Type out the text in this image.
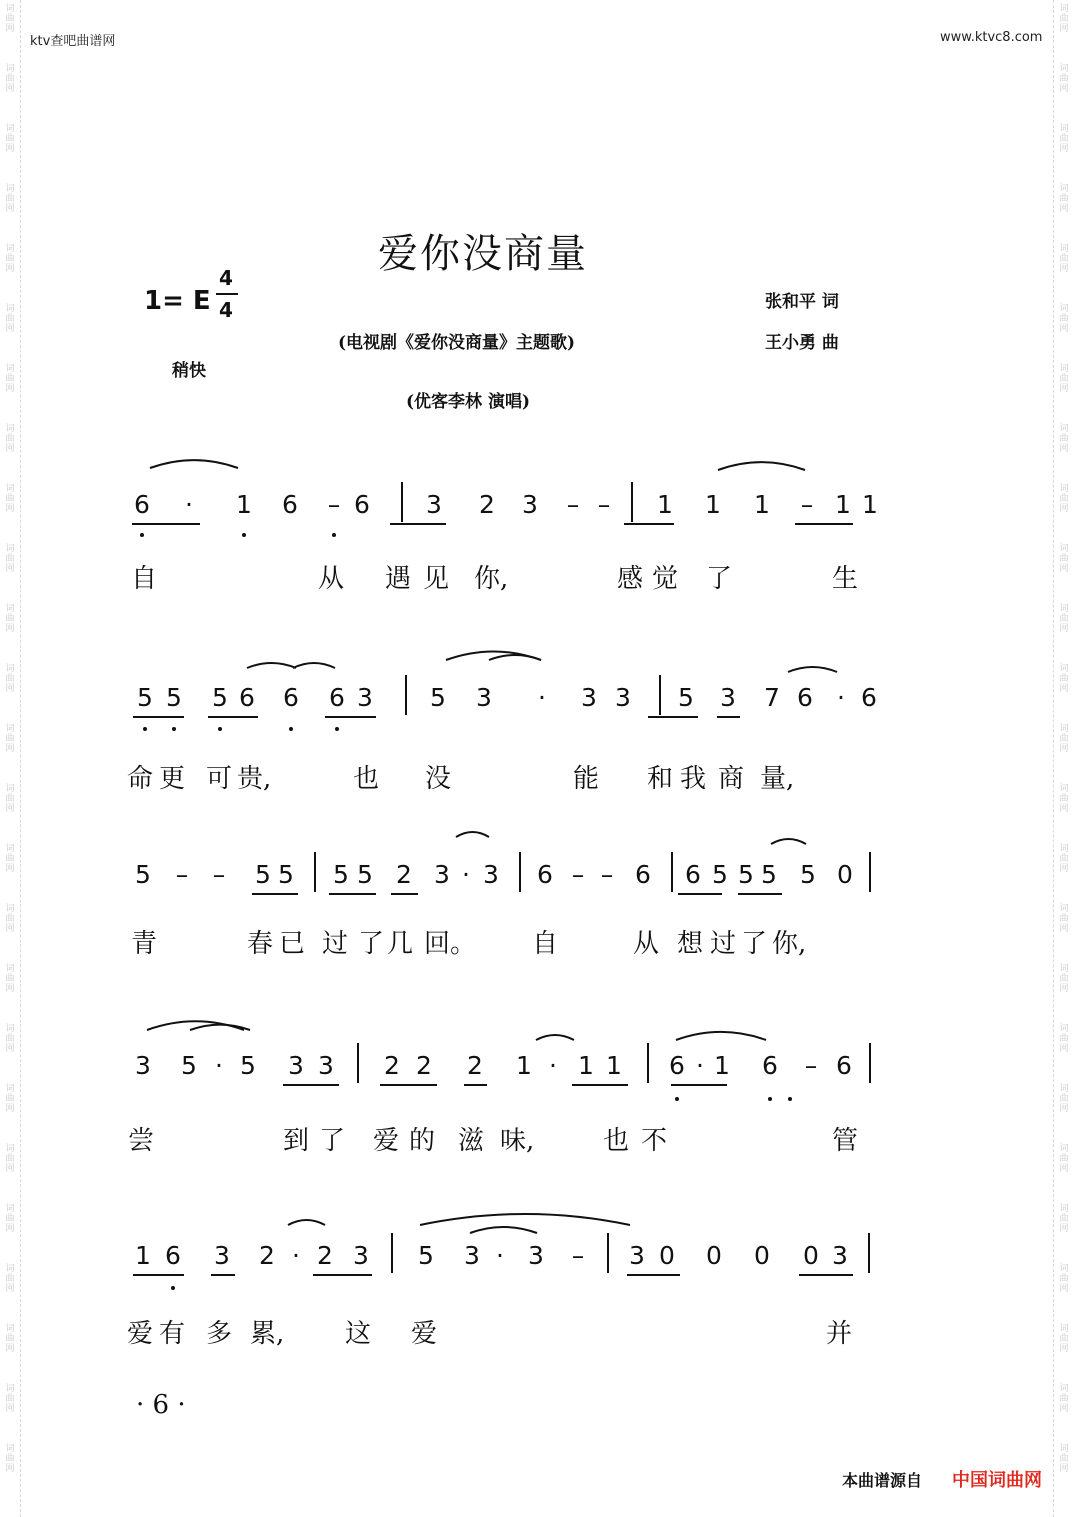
词
曲
网
词
曲
网
词
曲
网
词
曲
网
词
曲
网
词
曲
网
词
曲
网
词
曲
网
词
曲
网
词
曲
网
词
曲
网
词
曲
网
词
曲
网
词
曲
网
词
曲
网
词
曲
网
词
曲
网
词
曲
网
词
曲
网
词
曲
网
词
曲
网
词
曲
网
词
曲
网
词
曲
网
词
曲
网
词
曲
网
词
曲
网
词
曲
网
词
曲
网
词
曲
网
词
曲
网
词
曲
网
词
曲
网
词
曲
网
词
曲
网
词
曲
网
词
曲
网
词
曲
网
词
曲
网
词
曲
网
词
曲
网
词
曲
网
词
曲
网
词
曲
网
词
曲
网
词
曲
网
词
曲
网
词
曲
网
词
曲
网
词
曲
网
ktv查吧曲谱网	www.ktvc8.com
爱你没商量
1= E
4
4	张和平 词
(电视剧《爱你没商量》主题歌)	王小勇 曲
稍快
(优客李林 演唱)
6 · 1 6 – 6 3 2 3 – – 1 1 1 – 1 1
自	从 遇 见 你,	感 觉 了	生
5 5 5 6 6 6 3 5 3 · 3 3 5 3 7 6 · 6
命 更 可 贵,	也 没	能 和 我 商 量,
5 – – 5 5 5 5 2 3 · 3 6 – – 6 6 5 5 5 5 0
青	春 已 过 了 几 回。 自	从 想 过 了 你,
3 5 · 5 3 3 2 2 2 1 · 1 1 6 · 1 6 – 6
尝	到 了 爱 的 滋 味,	也 不	管
1 6 3 2 · 2 3 5 3 · 3 – 3 0 0 0 0 3
爱 有 多 累, 这 爱	并
· 6 ·
本曲谱源自 中国词曲网
